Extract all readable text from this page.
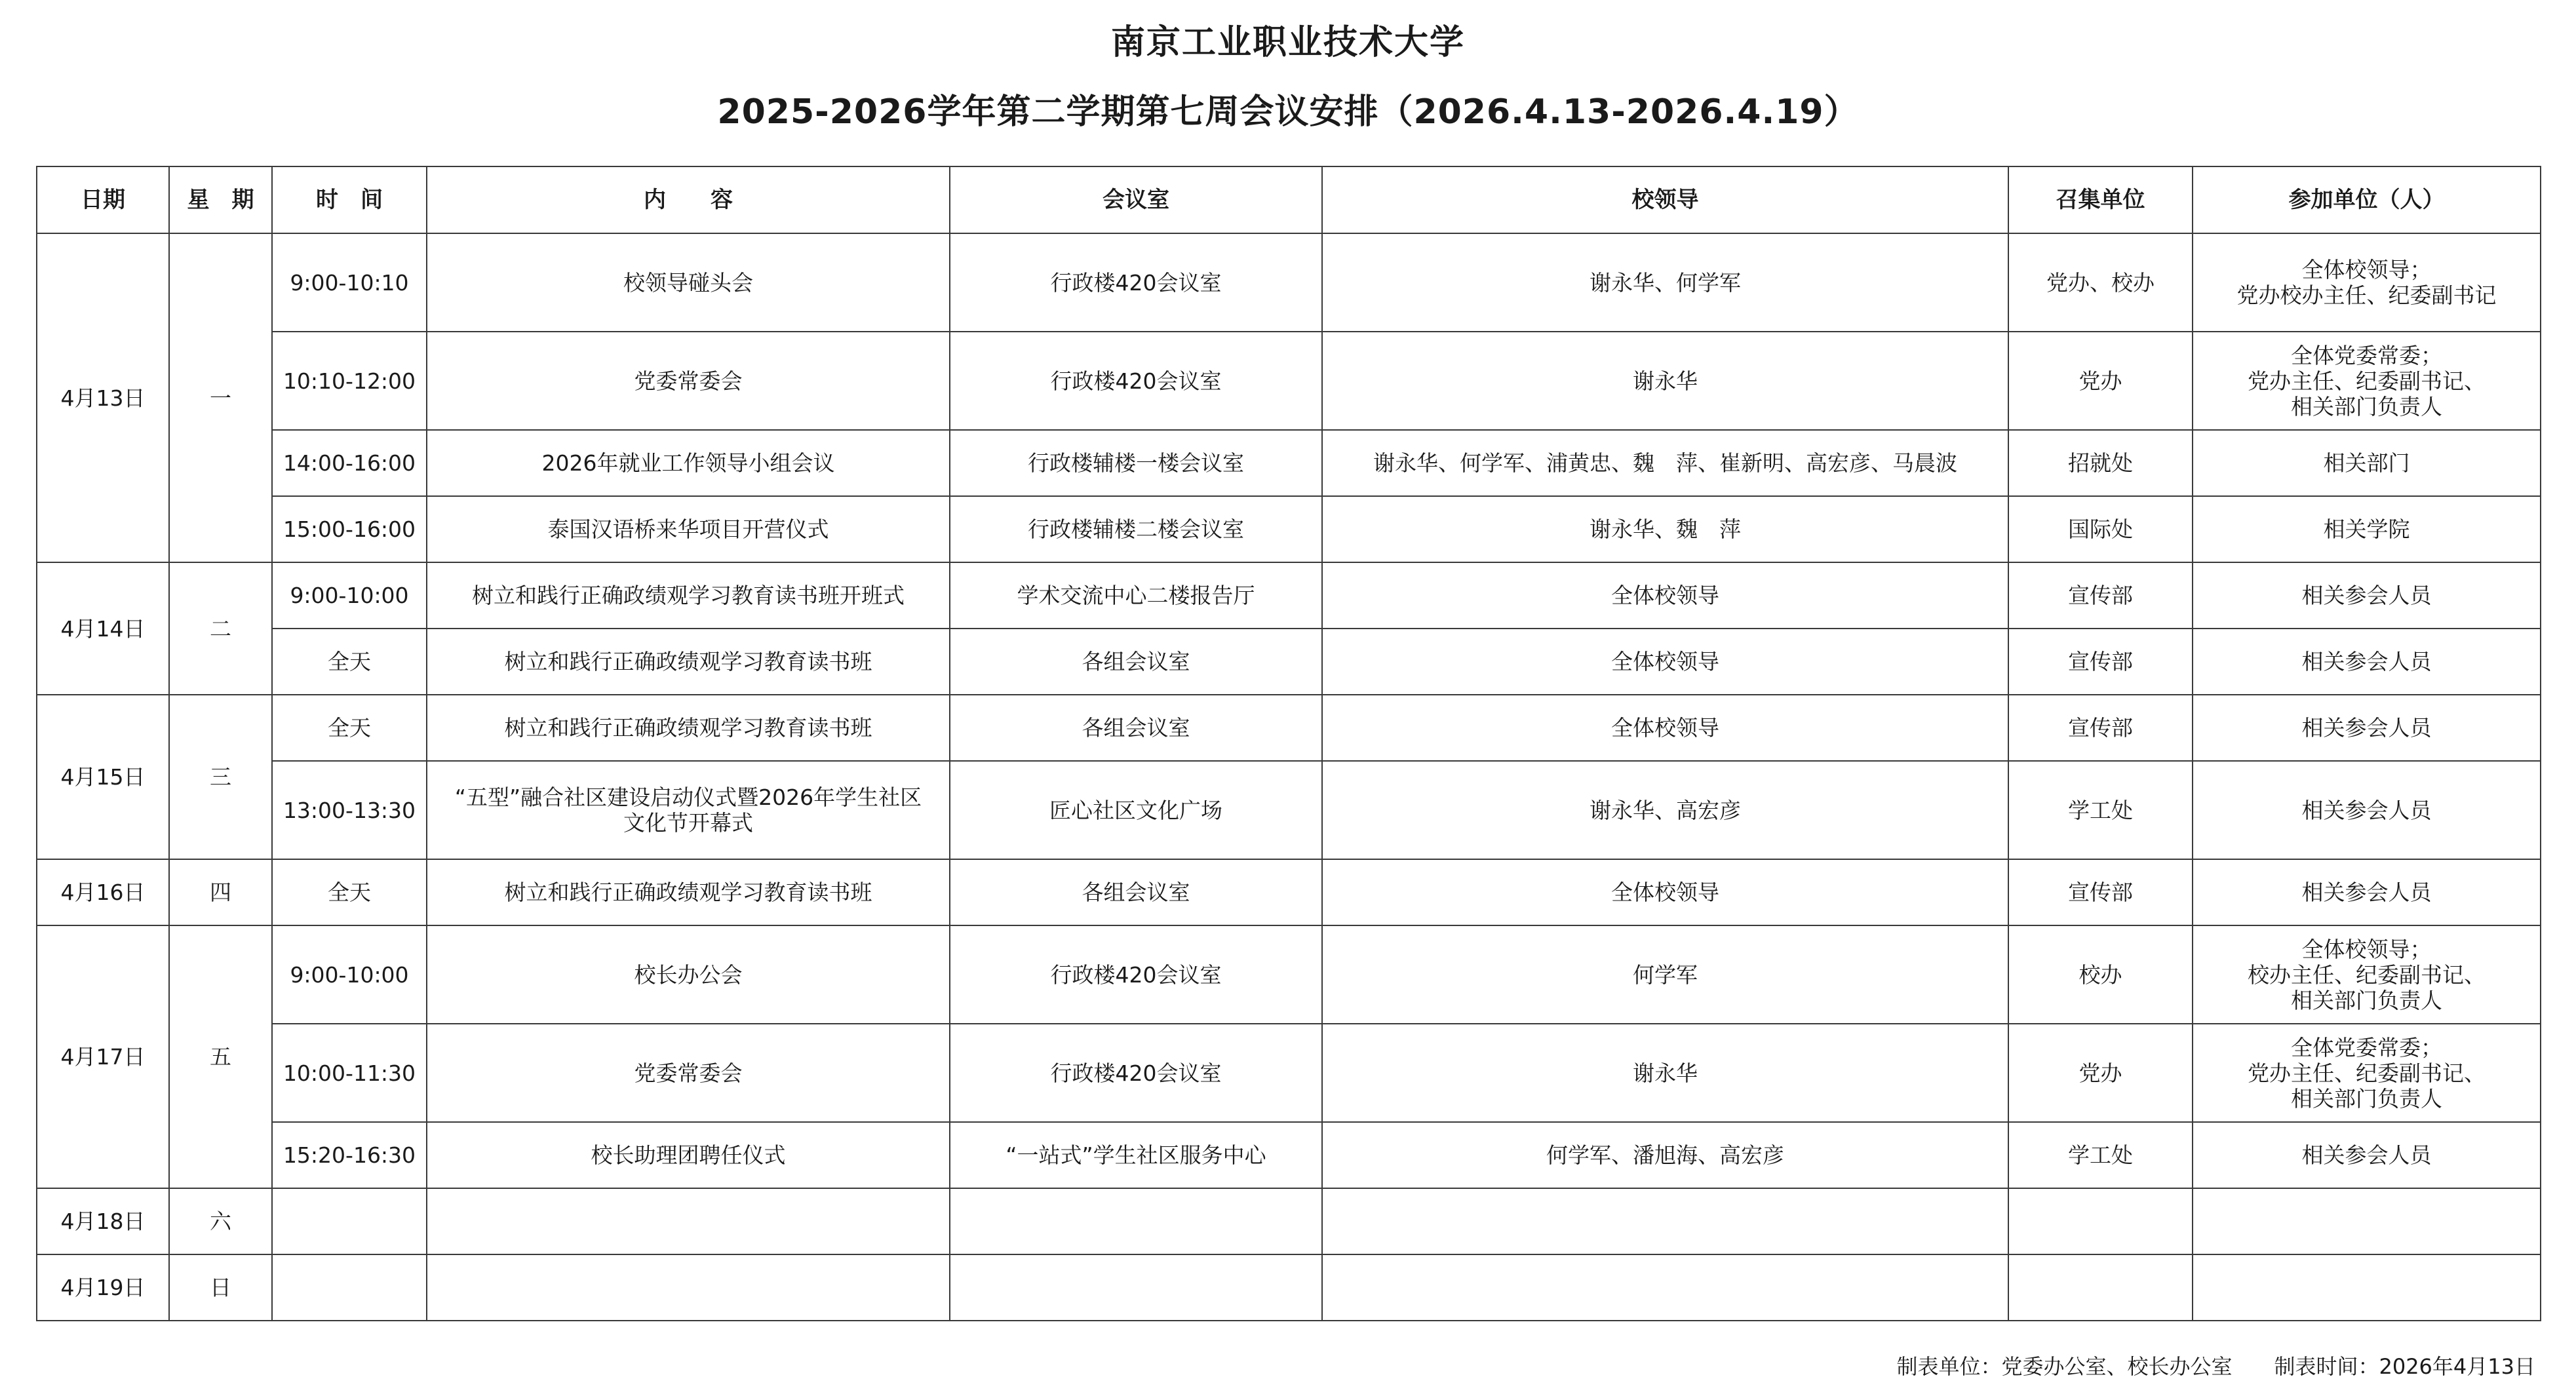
南京工业职业技术大学
2025-2026学年第二学期第七周会议安排（2026.4.13-2026.4.19）
日期	星　期	时　间	内　　容	会议室	校领导	召集单位	参加单位（人）
4月13日	一	9:00-10:10	校领导碰头会	行政楼420会议室	谢永华、何学军	党办、校办	全体校领导；
党办校办主任、纪委副书记

		10:10-12:00	党委常委会	行政楼420会议室	谢永华	党办	全体党委常委；
党办主任、纪委副书记、
相关部门负责人

		14:00-16:00	2026年就业工作领导小组会议	行政楼辅楼一楼会议室	谢永华、何学军、浦黄忠、魏　萍、崔新明、高宏彦、马晨波	招就处	相关部门
		15:00-16:00	泰国汉语桥来华项目开营仪式	行政楼辅楼二楼会议室	谢永华、魏　萍	国际处	相关学院
4月14日	二	9:00-10:00	树立和践行正确政绩观学习教育读书班开班式	学术交流中心二楼报告厅	全体校领导	宣传部	相关参会人员
		全天	树立和践行正确政绩观学习教育读书班	各组会议室	全体校领导	宣传部	相关参会人员
4月15日	三	全天	树立和践行正确政绩观学习教育读书班	各组会议室	全体校领导	宣传部	相关参会人员
		13:00-13:30	“五型”融合社区建设启动仪式暨2026年学生社区
文化节开幕式	匠心社区文化广场	谢永华、高宏彦	学工处	相关参会人员
4月16日	四	全天	树立和践行正确政绩观学习教育读书班	各组会议室	全体校领导	宣传部	相关参会人员
4月17日	五	9:00-10:00	校长办公会	行政楼420会议室	何学军	校办	全体校领导；
校办主任、纪委副书记、
相关部门负责人

		10:00-11:30	党委常委会	行政楼420会议室	谢永华	党办	全体党委常委；
党办主任、纪委副书记、
相关部门负责人

		15:20-16:30	校长助理团聘任仪式	“一站式”学生社区服务中心	何学军、潘旭海、高宏彦	学工处	相关参会人员
4月18日	六						
4月19日	日						
制表单位：党委办公室、校长办公室　　制表时间：2026年4月13日
